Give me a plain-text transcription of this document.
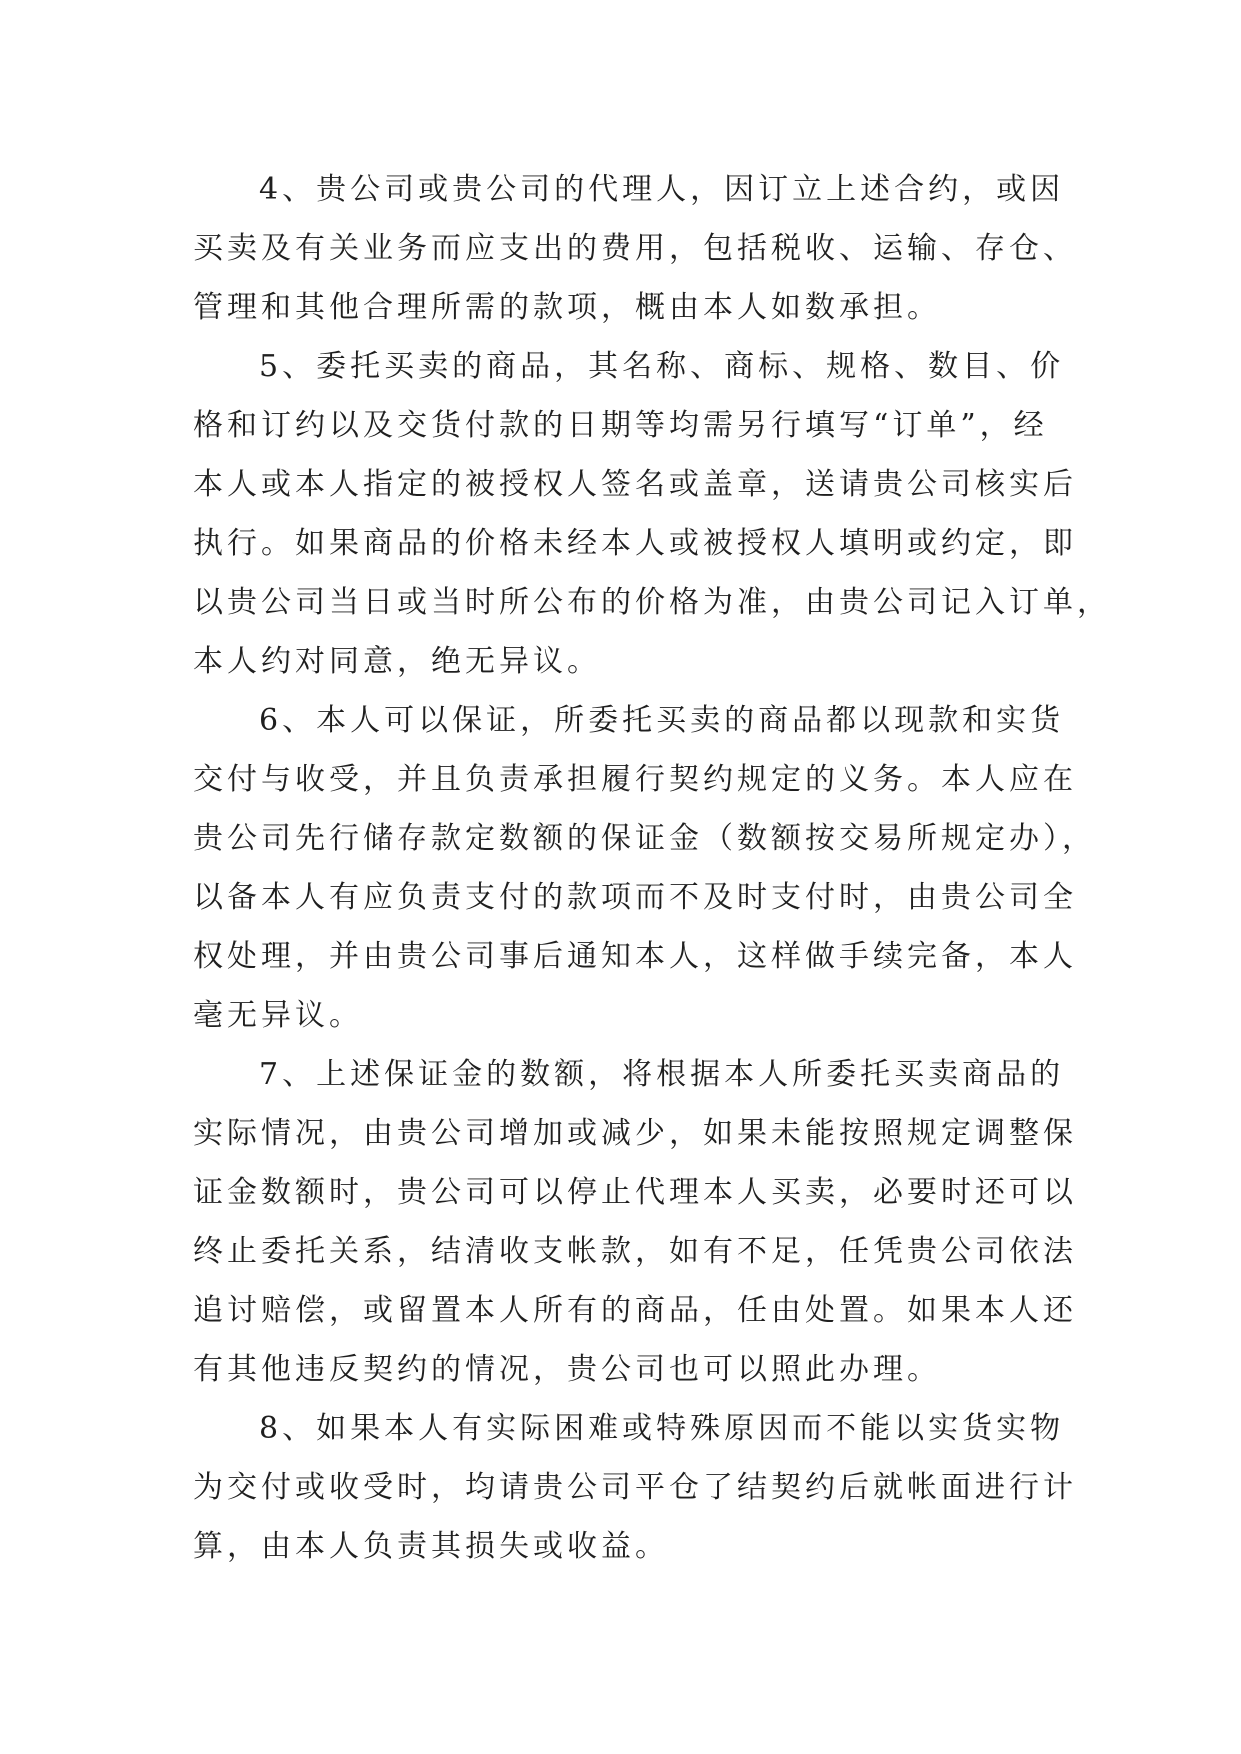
4、贵公司或贵公司的代理人，因订立上述合约，或因
买卖及有关业务而应支出的费用，包括税收、运输、存仓、
管理和其他合理所需的款项，概由本人如数承担。
5、委托买卖的商品，其名称、商标、规格、数目、价
格和订约以及交货付款的日期等均需另行填写“订单”，经
本人或本人指定的被授权人签名或盖章，送请贵公司核实后
执行。如果商品的价格未经本人或被授权人填明或约定，即
以贵公司当日或当时所公布的价格为准，由贵公司记入订单，
本人约对同意，绝无异议。
6、本人可以保证，所委托买卖的商品都以现款和实货
交付与收受，并且负责承担履行契约规定的义务。本人应在
贵公司先行储存款定数额的保证金（数额按交易所规定办），
以备本人有应负责支付的款项而不及时支付时，由贵公司全
权处理，并由贵公司事后通知本人，这样做手续完备，本人
毫无异议。
7、上述保证金的数额，将根据本人所委托买卖商品的
实际情况，由贵公司增加或减少，如果未能按照规定调整保
证金数额时，贵公司可以停止代理本人买卖，必要时还可以
终止委托关系，结清收支帐款，如有不足，任凭贵公司依法
追讨赔偿，或留置本人所有的商品，任由处置。如果本人还
有其他违反契约的情况，贵公司也可以照此办理。
8、如果本人有实际困难或特殊原因而不能以实货实物
为交付或收受时，均请贵公司平仓了结契约后就帐面进行计
算，由本人负责其损失或收益。
